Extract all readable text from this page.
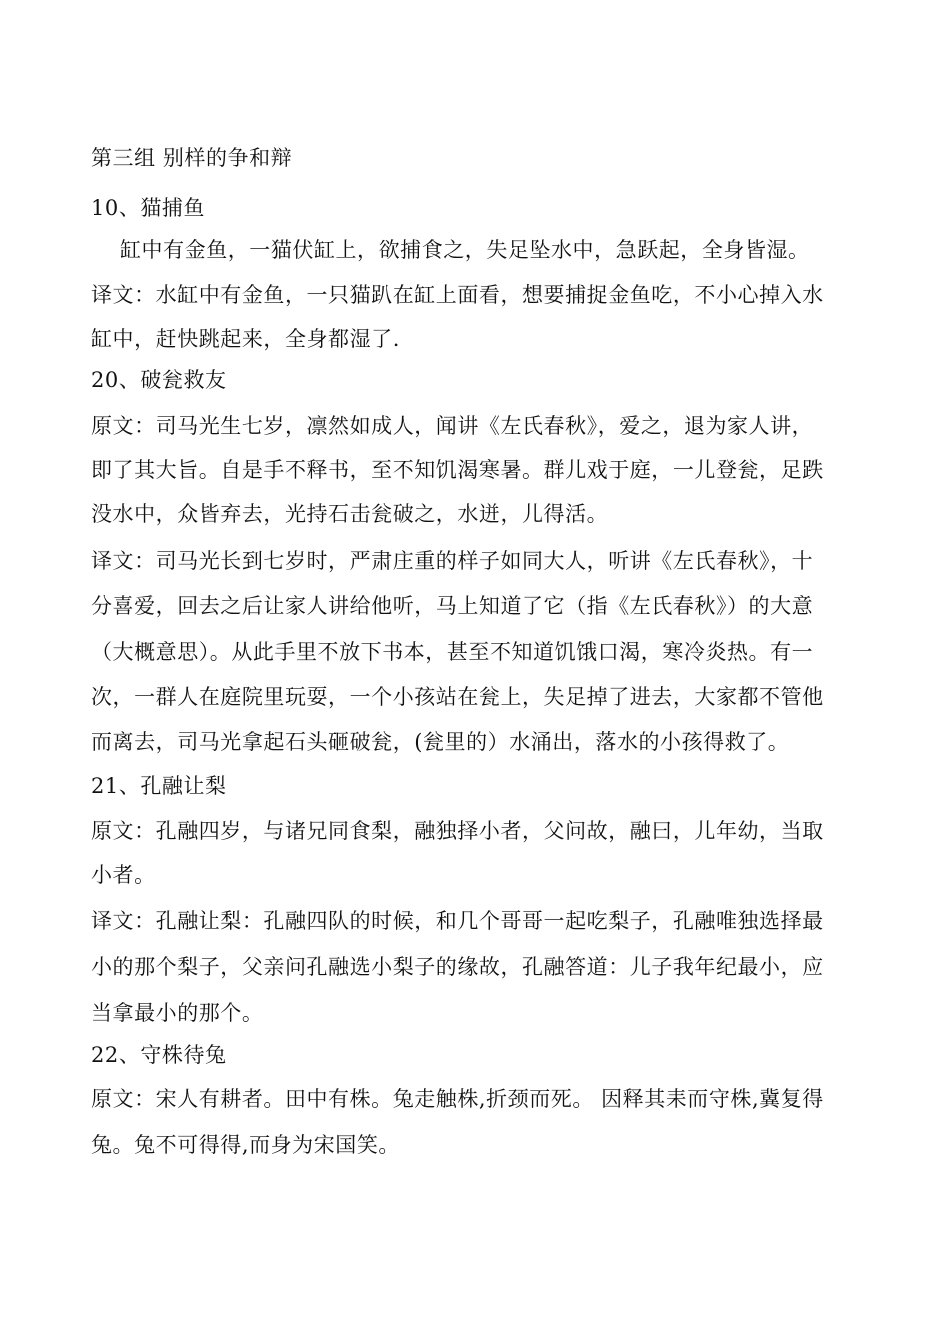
第三组 别样的争和辩
10、猫捕鱼
缸中有金鱼，一猫伏缸上，欲捕食之，失足坠水中，急跃起，全身皆湿。
译文：水缸中有金鱼，一只猫趴在缸上面看，想要捕捉金鱼吃，不小心掉入水
缸中，赶快跳起来，全身都湿了.
20、破瓮救友
原文：司马光生七岁，凛然如成人，闻讲《左氏春秋》，爱之，退为家人讲，
即了其大旨。自是手不释书，至不知饥渴寒暑。群儿戏于庭，一儿登瓮，足跌
没水中，众皆弃去，光持石击瓮破之，水迸，儿得活。
译文：司马光长到七岁时，严肃庄重的样子如同大人，听讲《左氏春秋》，十
分喜爱，回去之后让家人讲给他听，马上知道了它（指《左氏春秋》）的大意
（大概意思）。从此手里不放下书本，甚至不知道饥饿口渴，寒冷炎热。有一
次，一群人在庭院里玩耍，一个小孩站在瓮上，失足掉了进去，大家都不管他
而离去，司马光拿起石头砸破瓮，(瓮里的）水涌出，落水的小孩得救了。
21、孔融让梨
原文：孔融四岁，与诸兄同食梨，融独择小者，父问故，融曰，儿年幼，当取
小者。
译文：孔融让梨：孔融四队的时候，和几个哥哥一起吃梨子，孔融唯独选择最
小的那个梨子，父亲问孔融选小梨子的缘故，孔融答道：儿子我年纪最小，应
当拿最小的那个。
22、守株待兔
原文：宋人有耕者。田中有株。兔走触株,折颈而死。 因释其耒而守株,冀复得
兔。兔不可得得,而身为宋国笑。
